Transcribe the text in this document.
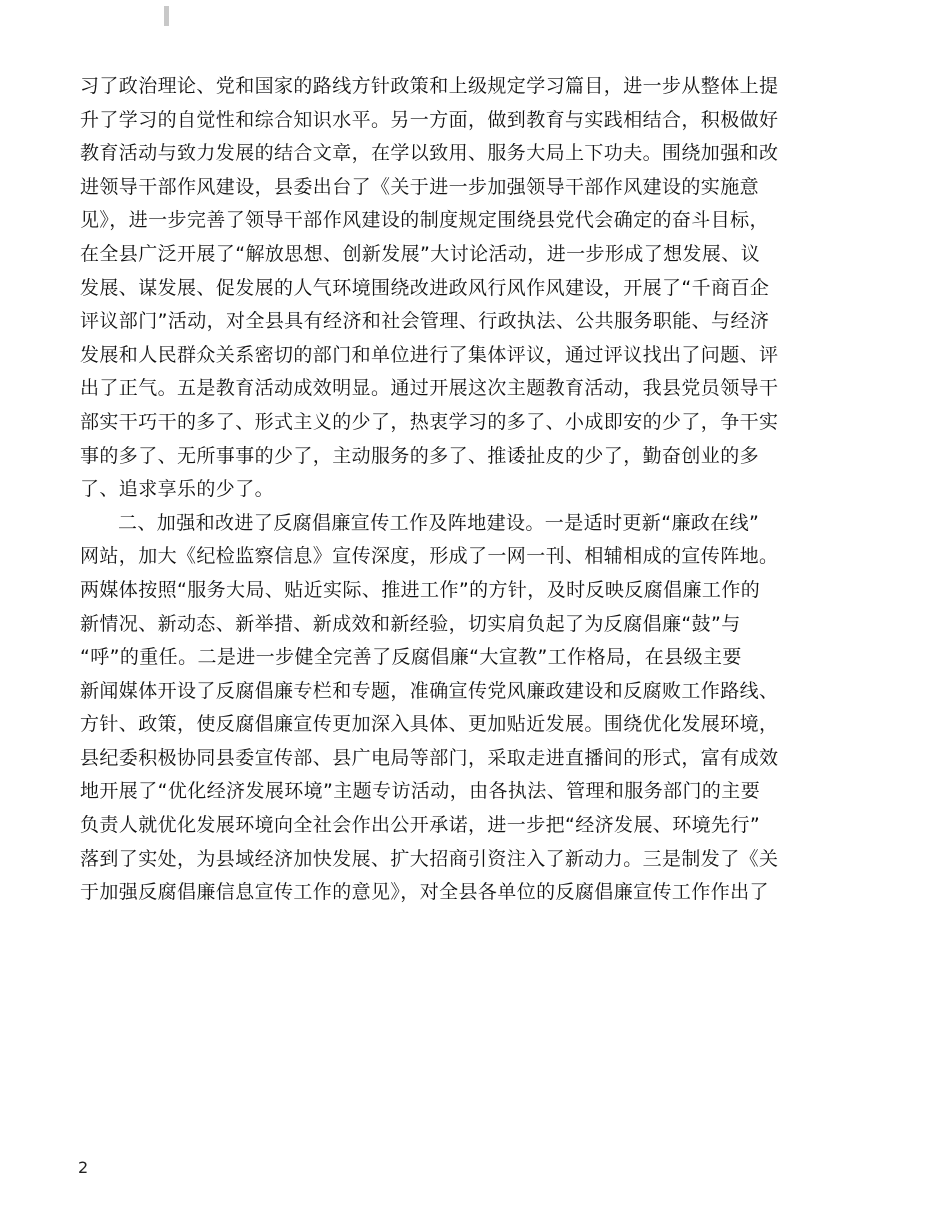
习了政治理论、党和国家的路线方针政策和上级规定学习篇目，进一步从整体上提
升了学习的自觉性和综合知识水平。另一方面，做到教育与实践相结合，积极做好
教育活动与致力发展的结合文章，在学以致用、服务大局上下功夫。围绕加强和改
进领导干部作风建设，县委出台了《关于进一步加强领导干部作风建设的实施意
见》，进一步完善了领导干部作风建设的制度规定围绕县党代会确定的奋斗目标，
在全县广泛开展了“解放思想、创新发展”大讨论活动，进一步形成了想发展、议
发展、谋发展、促发展的人气环境围绕改进政风行风作风建设，开展了“千商百企
评议部门”活动，对全县具有经济和社会管理、行政执法、公共服务职能、与经济
发展和人民群众关系密切的部门和单位进行了集体评议，通过评议找出了问题、评
出了正气。五是教育活动成效明显。通过开展这次主题教育活动，我县党员领导干
部实干巧干的多了、形式主义的少了，热衷学习的多了、小成即安的少了，争干实
事的多了、无所事事的少了，主动服务的多了、推诿扯皮的少了，勤奋创业的多
了、追求享乐的少了。
二、加强和改进了反腐倡廉宣传工作及阵地建设。一是适时更新“廉政在线”
网站，加大《纪检监察信息》宣传深度，形成了一网一刊、相辅相成的宣传阵地。
两媒体按照“服务大局、贴近实际、推进工作”的方针，及时反映反腐倡廉工作的
新情况、新动态、新举措、新成效和新经验，切实肩负起了为反腐倡廉“鼓”与
“呼”的重任。二是进一步健全完善了反腐倡廉“大宣教”工作格局，在县级主要
新闻媒体开设了反腐倡廉专栏和专题，准确宣传党风廉政建设和反腐败工作路线、
方针、政策，使反腐倡廉宣传更加深入具体、更加贴近发展。围绕优化发展环境，
县纪委积极协同县委宣传部、县广电局等部门，采取走进直播间的形式，富有成效
地开展了“优化经济发展环境”主题专访活动，由各执法、管理和服务部门的主要
负责人就优化发展环境向全社会作出公开承诺，进一步把“经济发展、环境先行”
落到了实处，为县域经济加快发展、扩大招商引资注入了新动力。三是制发了《关
于加强反腐倡廉信息宣传工作的意见》，对全县各单位的反腐倡廉宣传工作作出了
2
